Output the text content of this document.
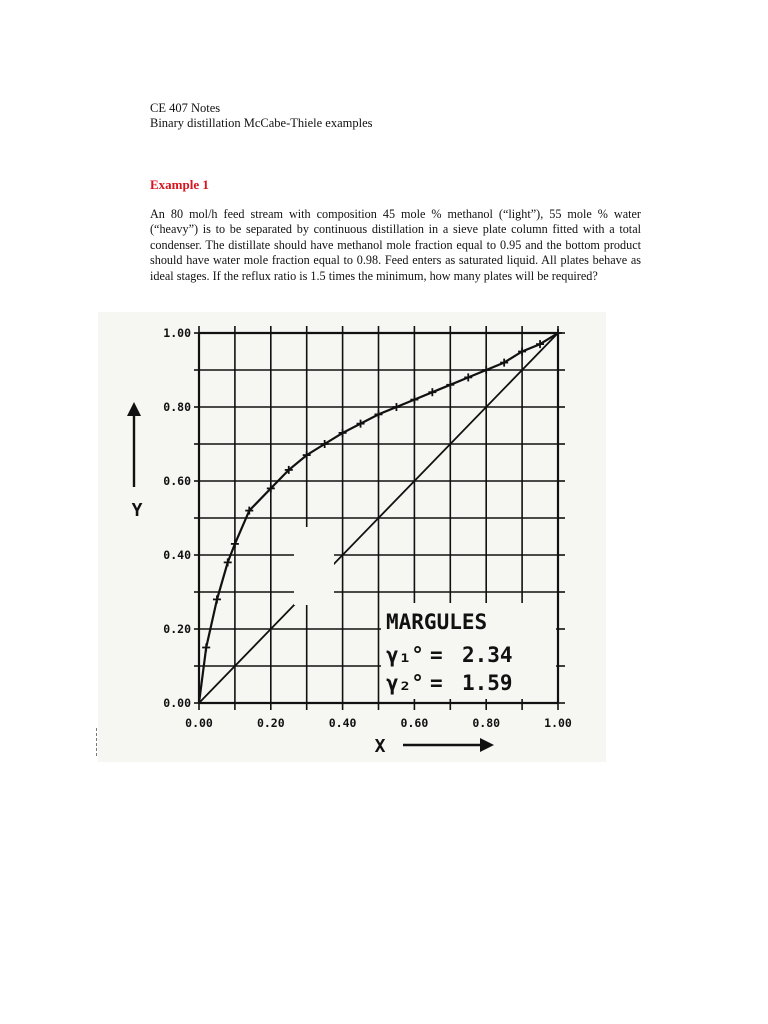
CE 407 Notes
Binary distillation McCabe-Thiele examples
Example 1
An 80 mol/h feed stream with composition 45 mole % methanol (“light”), 55 mole % water (“heavy”) is to be separated by continuous distillation in a sieve plate column fitted with a total condenser. The distillate should have methanol mole fraction equal to 0.95 and the bottom product should have water mole fraction equal to 0.98. Feed enters as saturated liquid. All plates behave as ideal stages. If the reflux ratio is 1.5 times the minimum, how many plates will be required?
0.00	0.20	0.40	0.60	0.80	1.00
0.00
0.20
0.40
0.60
0.80
1.00
X
Y
MARGULES
γ₁° = 2.34
γ₂° = 1.59
